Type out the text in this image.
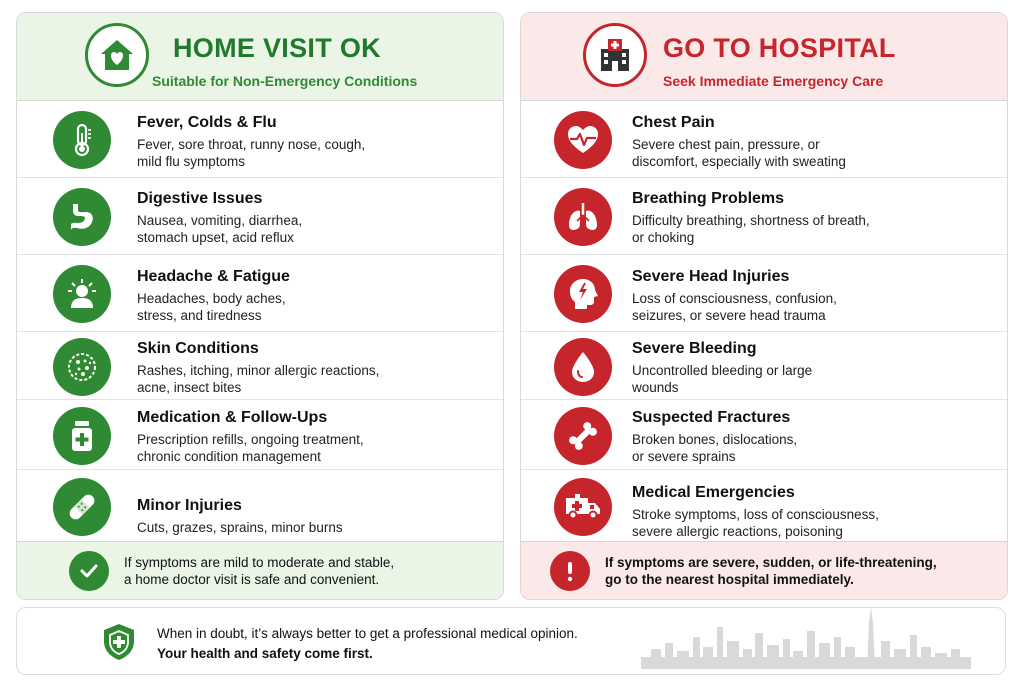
HOME VISIT OK
Suitable for Non-Emergency Conditions
Fever, Colds & Flu
Fever, sore throat, runny nose, cough,
mild flu symptoms
Digestive Issues
Nausea, vomiting, diarrhea,
stomach upset, acid reflux
Headache & Fatigue
Headaches, body aches,
stress, and tiredness
Skin Conditions
Rashes, itching, minor allergic reactions,
acne, insect bites
Medication & Follow-Ups
Prescription refills, ongoing treatment,
chronic condition management
Minor Injuries
Cuts, grazes, sprains, minor burns
If symptoms are mild to moderate and stable,
a home doctor visit is safe and convenient.
GO TO HOSPITAL
Seek Immediate Emergency Care
Chest Pain
Severe chest pain, pressure, or
discomfort, especially with sweating
Breathing Problems
Difficulty breathing, shortness of breath,
or choking
Severe Head Injuries
Loss of consciousness, confusion,
seizures, or severe head trauma
Severe Bleeding
Uncontrolled bleeding or large
wounds
Suspected Fractures
Broken bones, dislocations,
or severe sprains
Medical Emergencies
Stroke symptoms, loss of consciousness,
severe allergic reactions, poisoning
If symptoms are severe, sudden, or life-threatening,
go to the nearest hospital immediately.
When in doubt, it’s always better to get a professional medical opinion.
Your health and safety come first.
